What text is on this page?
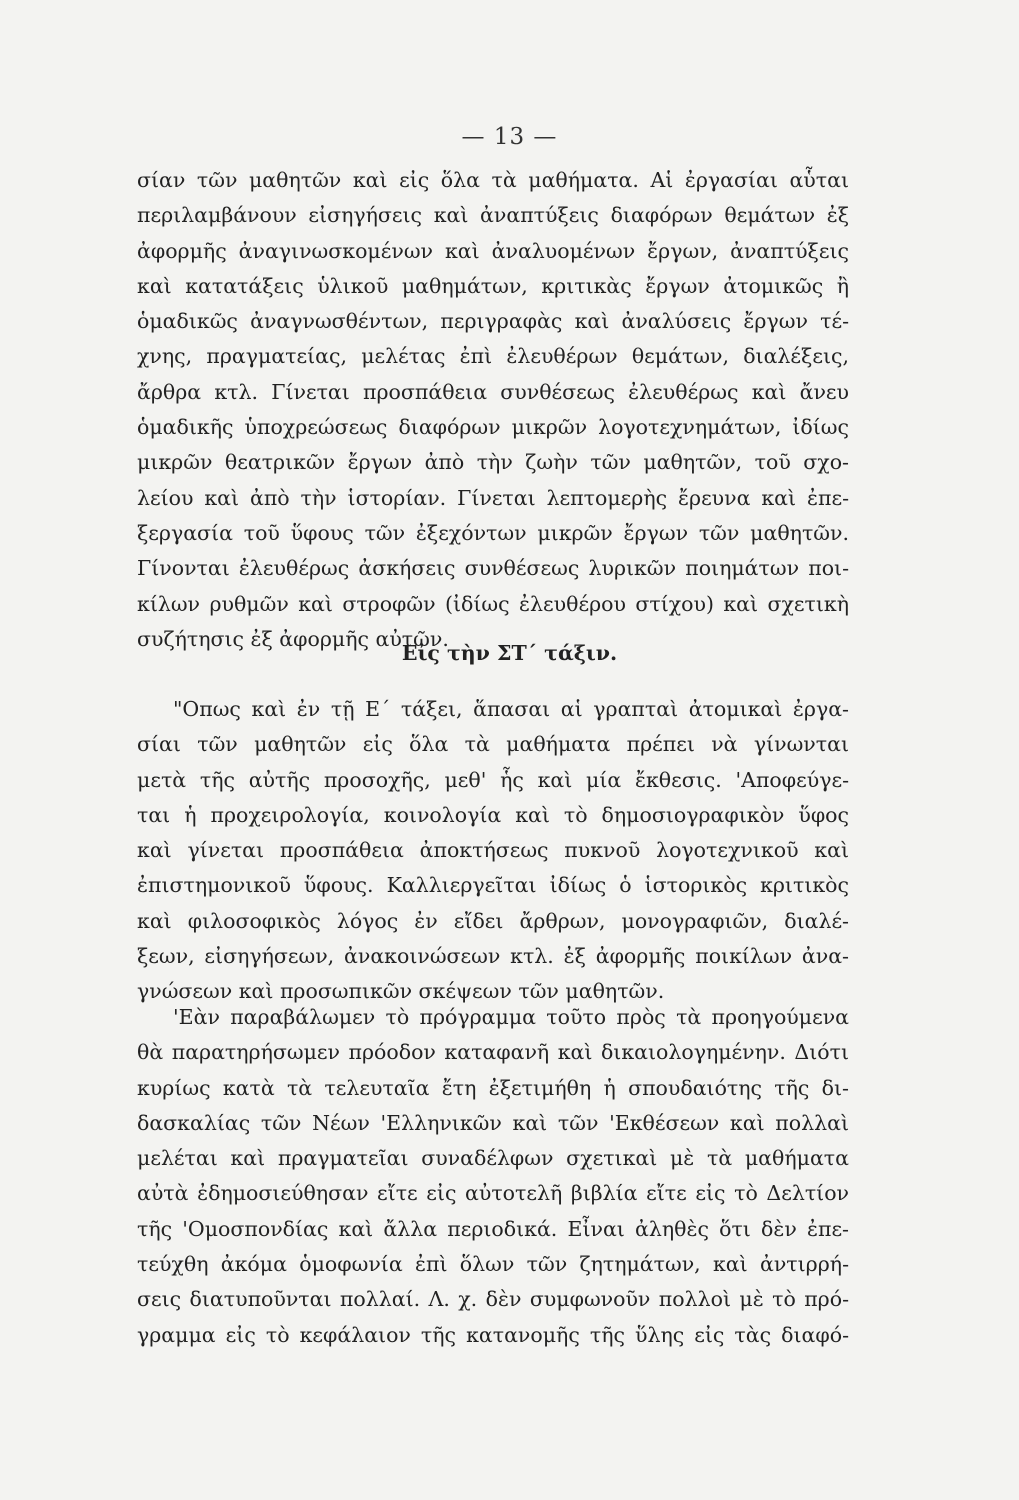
— 13 —
σίαν τῶν μαθητῶν καὶ εἰς ὅλα τὰ μαθήματα. Αἱ ἐργασίαι αὗται
περιλαμβάνουν εἰσηγήσεις καὶ ἀναπτύξεις διαφόρων θεμάτων ἐξ
ἀφορμῆς ἀναγινωσκομένων καὶ ἀναλυομένων ἔργων, ἀναπτύξεις
καὶ κατατάξεις ὑλικοῦ μαθημάτων, κριτικὰς ἔργων ἀτομικῶς ἢ
ὁμαδικῶς ἀναγνωσθέντων, περιγραφὰς καὶ ἀναλύσεις ἔργων τέ-
χνης, πραγματείας, μελέτας ἐπὶ ἐλευθέρων θεμάτων, διαλέξεις,
ἄρθρα κτλ. Γίνεται προσπάθεια συνθέσεως ἐλευθέρως καὶ ἄνευ
ὁμαδικῆς ὑποχρεώσεως διαφόρων μικρῶν λογοτεχνημάτων, ἰδίως
μικρῶν θεατρικῶν ἔργων ἀπὸ τὴν ζωὴν τῶν μαθητῶν, τοῦ σχο-
λείου καὶ ἀπὸ τὴν ἱστορίαν. Γίνεται λεπτομερὴς ἔρευνα καὶ ἐπε-
ξεργασία τοῦ ὕφους τῶν ἐξεχόντων μικρῶν ἔργων τῶν μαθητῶν.
Γίνονται ἐλευθέρως ἀσκήσεις συνθέσεως λυρικῶν ποιημάτων ποι-
κίλων ρυθμῶν καὶ στροφῶν (ἰδίως ἐλευθέρου στίχου) καὶ σχετικὴ
συζήτησις ἐξ ἀφορμῆς αὐτῶν.
Εἰς τὴν ΣΤ΄ τάξιν.
"Οπως καὶ ἐν τῇ Ε΄ τάξει, ἅπασαι αἱ γραπταὶ ἀτομικαὶ ἐργα-
σίαι τῶν μαθητῶν εἰς ὅλα τὰ μαθήματα πρέπει νὰ γίνωνται
μετὰ τῆς αὐτῆς προσοχῆς, μεθ' ἧς καὶ μία ἔκθεσις. 'Αποφεύγε-
ται ἡ προχειρολογία, κοινολογία καὶ τὸ δημοσιογραφικὸν ὕφος
καὶ γίνεται προσπάθεια ἀποκτήσεως πυκνοῦ λογοτεχνικοῦ καὶ
ἐπιστημονικοῦ ὕφους. Καλλιεργεῖται ἰδίως ὁ ἱστορικὸς κριτικὸς
καὶ φιλοσοφικὸς λόγος ἐν εἴδει ἄρθρων, μονογραφιῶν, διαλέ-
ξεων, εἰσηγήσεων, ἀνακοινώσεων κτλ. ἐξ ἀφορμῆς ποικίλων ἀνα-
γνώσεων καὶ προσωπικῶν σκέψεων τῶν μαθητῶν.
'Εὰν παραβάλωμεν τὸ πρόγραμμα τοῦτο πρὸς τὰ προηγούμενα
θὰ παρατηρήσωμεν πρόοδον καταφανῆ καὶ δικαιολογημένην. Διότι
κυρίως κατὰ τὰ τελευταῖα ἔτη ἐξετιμήθη ἡ σπουδαιότης τῆς δι-
δασκαλίας τῶν Νέων 'Ελληνικῶν καὶ τῶν 'Εκθέσεων καὶ πολλαὶ
μελέται καὶ πραγματεῖαι συναδέλφων σχετικαὶ μὲ τὰ μαθήματα
αὐτὰ ἐδημοσιεύθησαν εἴτε εἰς αὐτοτελῆ βιβλία εἴτε εἰς τὸ Δελτίον
τῆς 'Ομοσπονδίας καὶ ἄλλα περιοδικά. Εἶναι ἀληθὲς ὅτι δὲν ἐπε-
τεύχθη ἀκόμα ὁμοφωνία ἐπὶ ὅλων τῶν ζητημάτων, καὶ ἀντιρρή-
σεις διατυποῦνται πολλαί. Λ. χ. δὲν συμφωνοῦν πολλοὶ μὲ τὸ πρό-
γραμμα εἰς τὸ κεφάλαιον τῆς κατανομῆς τῆς ὕλης εἰς τὰς διαφό-
